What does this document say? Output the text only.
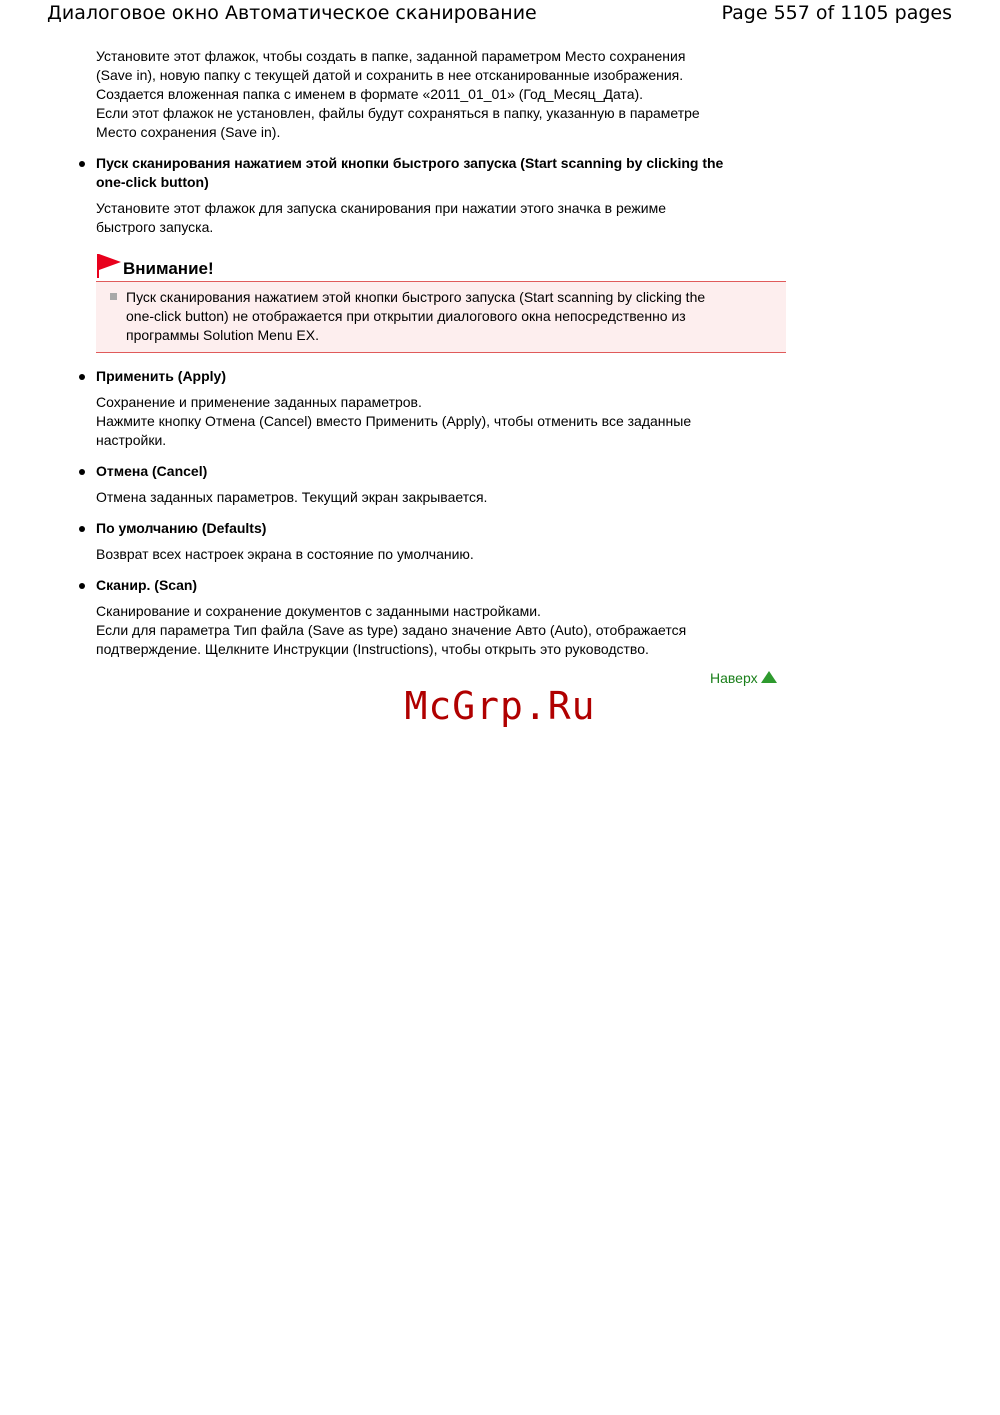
Диалоговое окно Автоматическое сканирование	Page 557 of 1105 pages

Установите этот флажок, чтобы создать в папке, заданной параметром Место сохранения
(Save in), новую папку с текущей датой и сохранить в нее отсканированные изображения.
Создается вложенная папка с именем в формате «2011_01_01» (Год_Месяц_Дата).
Если этот флажок не установлен, файлы будут сохраняться в папку, указанную в параметре
Место сохранения (Save in).

Пуск сканирования нажатием этой кнопки быстрого запуска (Start scanning by clicking the
one-click button)
Установите этот флажок для запуска сканирования при нажатии этого значка в режиме
быстрого запуска.
Внимание!
Пуск сканирования нажатием этой кнопки быстрого запуска (Start scanning by clicking the
one-click button) не отображается при открытии диалогового окна непосредственно из
программы Solution Menu EX.
Применить (Apply)
Сохранение и применение заданных параметров.
Нажмите кнопку Отмена (Cancel) вместо Применить (Apply), чтобы отменить все заданные
настройки.
Отмена (Cancel)
Отмена заданных параметров. Текущий экран закрывается.
По умолчанию (Defaults)
Возврат всех настроек экрана в состояние по умолчанию.
Сканир. (Scan)
Сканирование и сохранение документов с заданными настройками.
Если для параметра Тип файла (Save as type) задано значение Авто (Auto), отображается
подтверждение. Щелкните Инструкции (Instructions), чтобы открыть это руководство.
Наверх
McGrp.Ru
